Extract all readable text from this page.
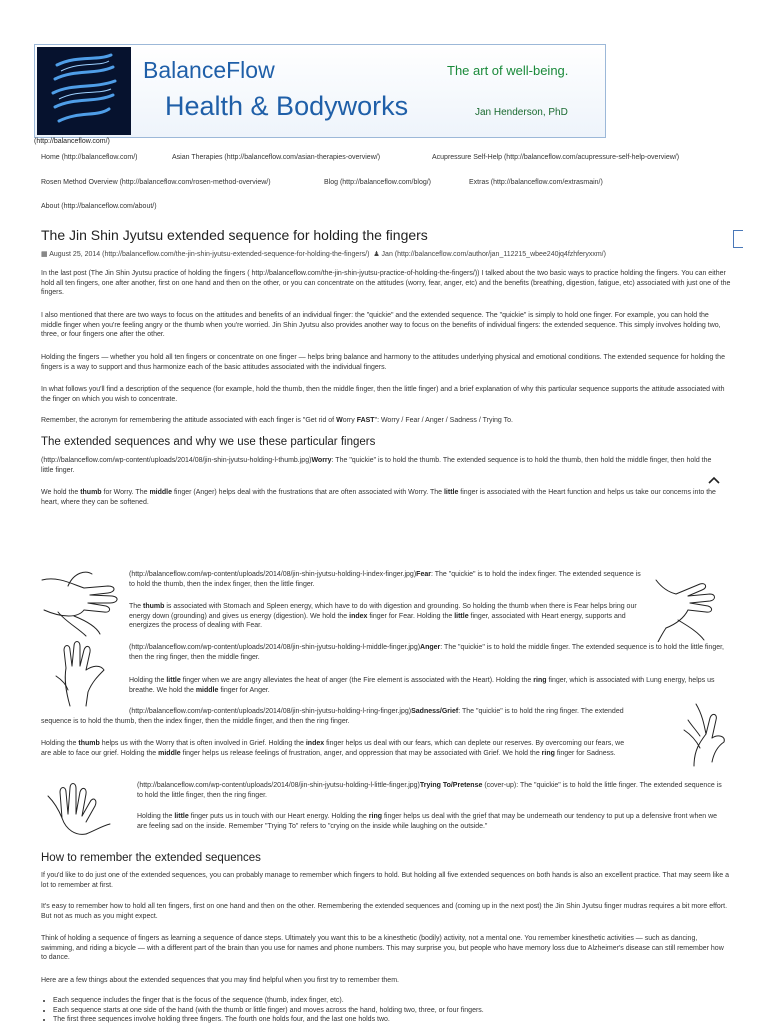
BalanceFlow
Health & Bodyworks
The art of well-being.
Jan Henderson, PhD
(http://balanceflow.com/)
Home (http://balanceflow.com/)	Asian Therapies (http://balanceflow.com/asian-therapies-overview/)	Acupressure Self-Help (http://balanceflow.com/acupressure-self-help-overview/)
Rosen Method Overview (http://balanceflow.com/rosen-method-overview/)	Blog (http://balanceflow.com/blog/)	Extras (http://balanceflow.com/extrasmain/)
About (http://balanceflow.com/about/)
The Jin Shin Jyutsu extended sequence for holding the fingers
▦ August 25, 2014 (http://balanceflow.com/the-jin-shin-jyutsu-extended-sequence-for-holding-the-fingers/) ♟ Jan (http://balanceflow.com/author/jan_112215_wbee240jq4fzhferyxxm/)
In the last post (The Jin Shin Jyutsu practice of holding the fingers ( http://balanceflow.com/the-jin-shin-jyutsu-practice-of-holding-the-fingers/)) I talked about the two basic ways to practice holding the fingers. You can either hold all ten fingers, one after another, first on one hand and then on the other, or you can concentrate on the attitudes (worry, fear, anger, etc) and the benefits (breathing, digestion, fatigue, etc) associated with just one of the fingers.
I also mentioned that there are two ways to focus on the attitudes and benefits of an individual finger: the "quickie" and the extended sequence. The "quickie" is simply to hold one finger. For example, you can hold the middle finger when you're feeling angry or the thumb when you're worried. Jin Shin Jyutsu also provides another way to focus on the benefits of individual fingers: the extended sequence. This simply involves holding two, three, or four fingers one after the other.
Holding the fingers — whether you hold all ten fingers or concentrate on one finger — helps bring balance and harmony to the attitudes underlying physical and emotional conditions. The extended sequence for holding the fingers is a way to support and thus harmonize each of the basic attitudes associated with the individual fingers.
In what follows you'll find a description of the sequence (for example, hold the thumb, then the middle finger, then the little finger) and a brief explanation of why this particular sequence supports the attitude associated with the finger on which you wish to concentrate.
Remember, the acronym for remembering the attitude associated with each finger is "Get rid of Worry FAST": Worry / Fear / Anger / Sadness / Trying To.
The extended sequences and why we use these particular fingers
(http://balanceflow.com/wp-content/uploads/2014/08/jin-shin-jyutsu-holding-l-thumb.jpg)Worry: The "quickie" is to hold the thumb. The extended sequence is to hold the thumb, then hold the middle finger, then hold the little finger.
We hold the thumb for Worry. The middle finger (Anger) helps deal with the frustrations that are often associated with Worry. The little finger is associated with the Heart function and helps us take our concerns into the heart, where they can be softened.
(http://balanceflow.com/wp-content/uploads/2014/08/jin-shin-jyutsu-holding-l-index-finger.jpg)Fear: The "quickie" is to hold the index finger. The extended sequence is to hold the thumb, then the index finger, then the little finger.
The thumb is associated with Stomach and Spleen energy, which have to do with digestion and grounding. So holding the thumb when there is Fear helps bring our energy down (grounding) and gives us energy (digestion). We hold the index finger for Fear. Holding the little finger, associated with Heart energy, supports and energizes the process of dealing with Fear.
(http://balanceflow.com/wp-content/uploads/2014/08/jin-shin-jyutsu-holding-l-middle-finger.jpg)Anger: The "quickie" is to hold the middle finger. The extended sequence is to hold the little finger, then the ring finger, then the middle finger.
Holding the little finger when we are angry alleviates the heat of anger (the Fire element is associated with the Heart). Holding the ring finger, which is associated with Lung energy, helps us breathe. We hold the middle finger for Anger.
(http://balanceflow.com/wp-content/uploads/2014/08/jin-shin-jyutsu-holding-l-ring-finger.jpg)Sadness/Grief: The "quickie" is to hold the ring finger. The extended sequence is to hold the thumb, then the index finger, then the middle finger, and then the ring finger.
Holding the thumb helps us with the Worry that is often involved in Grief. Holding the index finger helps us deal with our fears, which can deplete our reserves. By overcoming our fears, we are able to face our grief. Holding the middle finger helps us release feelings of frustration, anger, and oppression that may be associated with Grief. We hold the ring finger for Sadness.
(http://balanceflow.com/wp-content/uploads/2014/08/jin-shin-jyutsu-holding-l-little-finger.jpg)Trying To/Pretense (cover-up): The "quickie" is to hold the little finger. The extended sequence is to hold the little finger, then the ring finger.
Holding the little finger puts us in touch with our Heart energy. Holding the ring finger helps us deal with the grief that may be underneath our tendency to put up a defensive front when we are feeling sad on the inside. Remember "Trying To" refers to "crying on the inside while laughing on the outside."
How to remember the extended sequences
If you'd like to do just one of the extended sequences, you can probably manage to remember which fingers to hold. But holding all five extended sequences on both hands is also an excellent practice. That may seem like a lot to remember at first.
It's easy to remember how to hold all ten fingers, first on one hand and then on the other. Remembering the extended sequences and (coming up in the next post) the Jin Shin Jyutsu finger mudras requires a bit more effort. But not as much as you might expect.
Think of holding a sequence of fingers as learning a sequence of dance steps. Ultimately you want this to be a kinesthetic (bodily) activity, not a mental one. You remember kinesthetic activities — such as dancing, swimming, and riding a bicycle — with a different part of the brain than you use for names and phone numbers. This may surprise you, but people who have memory loss due to Alzheimer's disease can still remember how to dance.
Here are a few things about the extended sequences that you may find helpful when you first try to remember them.
• Each sequence includes the finger that is the focus of the sequence (thumb, index finger, etc).
• Each sequence starts at one side of the hand (with the thumb or little finger) and moves across the hand, holding two, three, or four fingers.
• The first three sequences involve holding three fingers. The fourth one holds four, and the last one holds two.
